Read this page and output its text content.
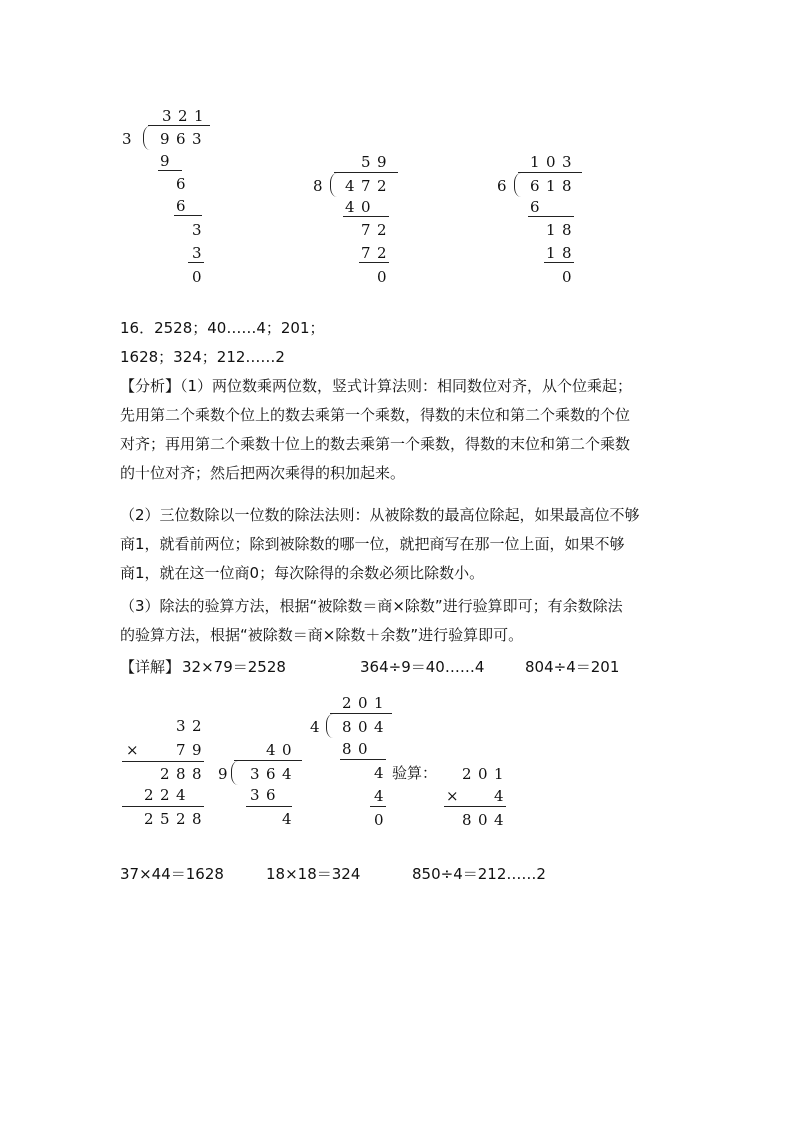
3 2 1
3 9 6 3
9
6
6
3
3
0
5 9
8 4 7 2
4 0
7 2
7 2
0
1 0 3
6 6 1 8
6
1 8
1 8
0
16．2528；40……4；201；
1628；324；212……2
【分析】（1）两位数乘两位数，竖式计算法则：相同数位对齐，从个位乘起；
先用第二个乘数个位上的数去乘第一个乘数，得数的末位和第二个乘数的个位
对齐；再用第二个乘数十位上的数去乘第一个乘数，得数的末位和第二个乘数
的十位对齐；然后把两次乘得的积加起来。
（2）三位数除以一位数的除法法则：从被除数的最高位除起，如果最高位不够
商1，就看前两位；除到被除数的哪一位，就把商写在那一位上面，如果不够
商1，就在这一位商0；每次除得的余数必须比除数小。
（3）除法的验算方法，根据“被除数＝商×除数”进行验算即可；有余数除法
的验算方法，根据“被除数＝商×除数＋余数”进行验算即可。
【详解】 32×79＝2528	364÷9＝40……4	804÷4＝201
3 2
× 7 9
2 8 8
2 2 4
2 5 2 8
4 0
9 3 6 4
3 6
4
2 0 1
4 8 0 4
8 0
4
4
0
验算： 2 0 1
× 4
8 0 4
37×44＝1628	18×18＝324	850÷4＝212……2
